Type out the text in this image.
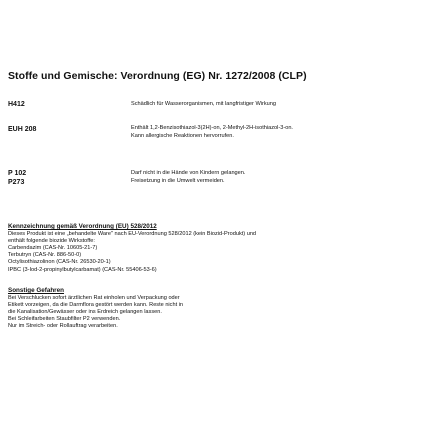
Stoffe und Gemische: Verordnung (EG) Nr. 1272/2008 (CLP)
H412	Schädlich für Wasserorganismen, mit langfristiger Wirkung
EUH 208	Enthält 1,2-Benzisothiazol-3(2H)-on, 2-Methyl-2H-isothiazol-3-on.
Kann allergische Reaktionen hervorrufen.
P 102	Darf nicht in die Hände von Kindern gelangen.
P273	Freisetzung in die Umwelt vermeiden.
Kennzeichnung gemäß Verordnung (EU) 528/2012
Dieses Produkt ist eine „behandelte Ware" nach EU-Verordnung 528/2012 (kein Biozid-Produkt) und
enthält folgende biozide Wirkstoffe:
Carbendazim (CAS-Nr. 10605-21-7)
Terbutryn (CAS-Nr. 886-50-0)
Octylisothiazolinon (CAS-Nr. 26530-20-1)
IPBC (3-Iod-2-propinylbutylcarbamat) (CAS-Nr. 55406-53-6)
Sonstige Gefahren
Bei Verschlucken sofort ärztlichen Rat einholen und Verpackung oder
Etikett vorzeigen, da die Darmflora gestört werden kann. Reste nicht in
die Kanalisation/Gewässer oder ins Erdreich gelangen lassen.
Bei Schleifarbeiten Staubfilter P2 verwenden.
Nur im Streich- oder Rollauftrag verarbeiten.
